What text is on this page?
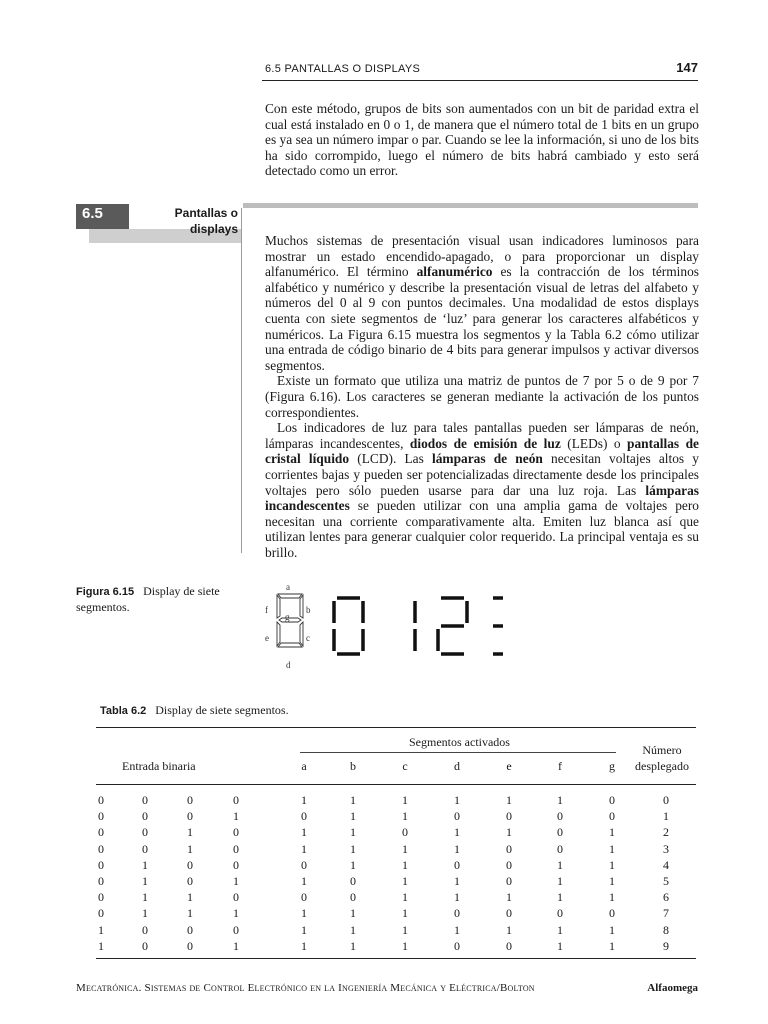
6.5 PANTALLAS O DISPLAYS	147

Con este método, grupos de bits son aumentados con un bit de paridad extra el cual está instalado en 0 o 1, de manera que el número total de 1 bits en un grupo es ya sea un número impar o par. Cuando se lee la información, si uno de los bits ha sido corrompido, luego el número de bits habrá cambiado y esto será detectado como un error.

6.5	Pantallas o displays

Muchos sistemas de presentación visual usan indicadores luminosos para mostrar un estado encendido-apagado, o para proporcionar un display alfanumérico. El término alfanumérico es la contracción de los términos alfabético y numérico y describe la presentación visual de letras del alfabeto y números del 0 al 9 con puntos decimales. Una modalidad de estos displays cuenta con siete segmentos de ‘luz’ para generar los caracteres alfabéticos y numéricos. La Figura 6.15 muestra los segmentos y la Tabla 6.2 cómo utilizar una entrada de código binario de 4 bits para generar impulsos y activar diversos segmentos.

Existe un formato que utiliza una matriz de puntos de 7 por 5 o de 9 por 7 (Figura 6.16). Los caracteres se generan mediante la activación de los puntos correspondientes.

Los indicadores de luz para tales pantallas pueden ser lámparas de neón, lámparas incandescentes, diodos de emisión de luz (LEDs) o pantallas de cristal líquido (LCD). Las lámparas de neón necesitan voltajes altos y corrientes bajas y pueden ser potencializadas directamente desde los principales voltajes pero sólo pueden usarse para dar una luz roja. Las lámparas incandescentes se pueden utilizar con una amplia gama de voltajes pero necesitan una corriente comparativamente alta. Emiten luz blanca así que utilizan lentes para generar cualquier color requerido. La principal ventaja es su brillo.

Figura 6.15 Display de siete segmentos.
a
b
c
d
e
f
g
Tabla 6.2 Display de siete segmentos.
Entrada binaria
Segmentos activados
Número
desplegado
a	b	c	d	e	f	g
0	0	0	0	1	1	1	1	1	1	0	0
0	0	0	1	0	1	1	0	0	0	0	1
0	0	1	0	1	1	0	1	1	0	1	2
0	0	1	0	1	1	1	1	0	0	1	3
0	1	0	0	0	1	1	0	0	1	1	4
0	1	0	1	1	0	1	1	0	1	1	5
0	1	1	0	0	0	1	1	1	1	1	6
0	1	1	1	1	1	1	0	0	0	0	7
1	0	0	0	1	1	1	1	1	1	1	8
1	0	0	1	1	1	1	0	0	1	1	9
Mecatrónica. Sistemas de Control Electrónico en la Ingeniería Mecánica y Eléctrica/Bolton	Alfaomega
